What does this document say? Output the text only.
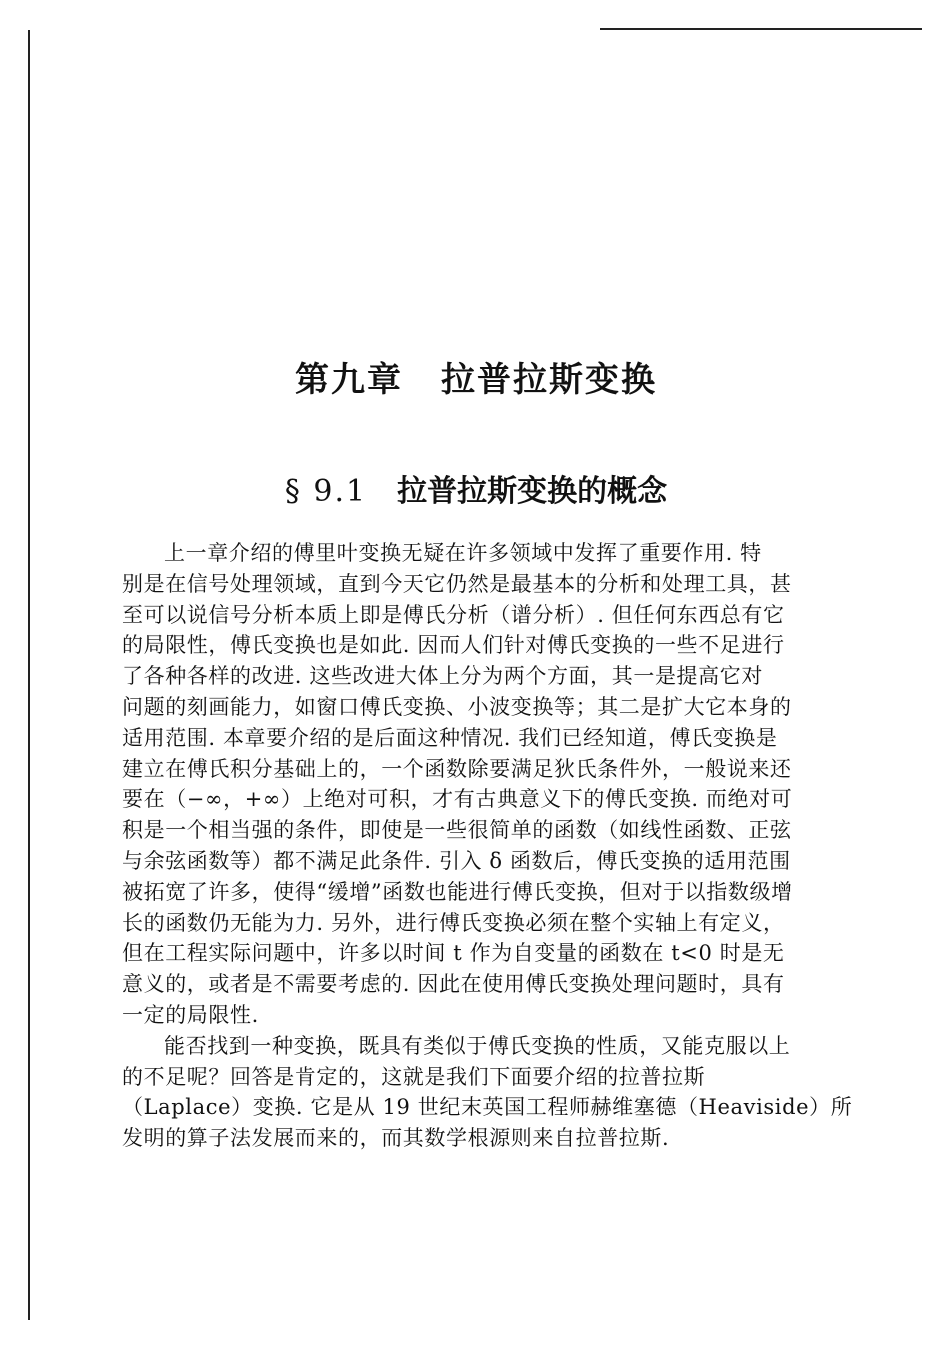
第九章 拉普拉斯变换
§ 9.1 拉普拉斯变换的概念
上一章介绍的傅里叶变换无疑在许多领域中发挥了重要作用. 特
别是在信号处理领域，直到今天它仍然是最基本的分析和处理工具，甚
至可以说信号分析本质上即是傅氏分析（谱分析）. 但任何东西总有它
的局限性，傅氏变换也是如此. 因而人们针对傅氏变换的一些不足进行
了各种各样的改进. 这些改进大体上分为两个方面，其一是提高它对
问题的刻画能力，如窗口傅氏变换、小波变换等；其二是扩大它本身的
适用范围. 本章要介绍的是后面这种情况. 我们已经知道，傅氏变换是
建立在傅氏积分基础上的，一个函数除要满足狄氏条件外，一般说来还
要在（−∞，+∞）上绝对可积，才有古典意义下的傅氏变换. 而绝对可
积是一个相当强的条件，即使是一些很简单的函数（如线性函数、正弦
与余弦函数等）都不满足此条件. 引入 δ 函数后，傅氏变换的适用范围
被拓宽了许多，使得“缓增”函数也能进行傅氏变换，但对于以指数级增
长的函数仍无能为力. 另外，进行傅氏变换必须在整个实轴上有定义，
但在工程实际问题中，许多以时间 t 作为自变量的函数在 t<0 时是无
意义的，或者是不需要考虑的. 因此在使用傅氏变换处理问题时，具有
一定的局限性.
能否找到一种变换，既具有类似于傅氏变换的性质，又能克服以上
的不足呢？回答是肯定的，这就是我们下面要介绍的拉普拉斯
（Laplace）变换. 它是从 19 世纪末英国工程师赫维塞德（Heaviside）所
发明的算子法发展而来的，而其数学根源则来自拉普拉斯.
